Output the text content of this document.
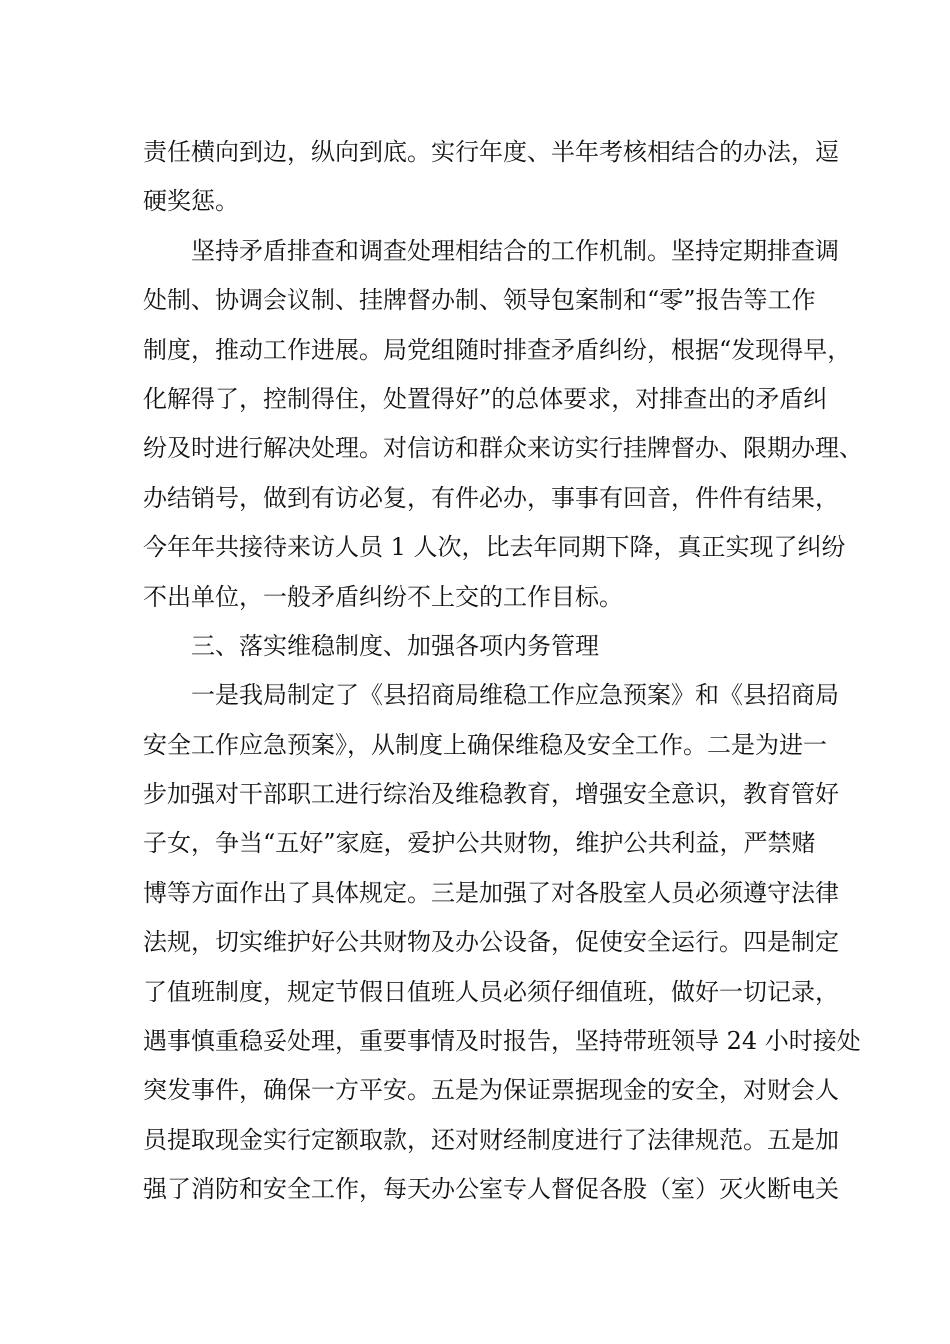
责任横向到边，纵向到底。实行年度、半年考核相结合的办法，逗
硬奖惩。
坚持矛盾排查和调查处理相结合的工作机制。坚持定期排查调
处制、协调会议制、挂牌督办制、领导包案制和“零”报告等工作
制度，推动工作进展。局党组随时排查矛盾纠纷，根据“发现得早，
化解得了，控制得住，处置得好”的总体要求，对排查出的矛盾纠
纷及时进行解决处理。对信访和群众来访实行挂牌督办、限期办理、
办结销号，做到有访必复，有件必办，事事有回音，件件有结果，
今年年共接待来访人员 1 人次，比去年同期下降，真正实现了纠纷
不出单位，一般矛盾纠纷不上交的工作目标。
三、落实维稳制度、加强各项内务管理
一是我局制定了《县招商局维稳工作应急预案》和《县招商局
安全工作应急预案》，从制度上确保维稳及安全工作。二是为进一
步加强对干部职工进行综治及维稳教育，增强安全意识，教育管好
子女，争当“五好”家庭，爱护公共财物，维护公共利益，严禁赌
博等方面作出了具体规定。三是加强了对各股室人员必须遵守法律
法规，切实维护好公共财物及办公设备，促使安全运行。四是制定
了值班制度，规定节假日值班人员必须仔细值班，做好一切记录，
遇事慎重稳妥处理，重要事情及时报告，坚持带班领导 24 小时接处
突发事件，确保一方平安。五是为保证票据现金的安全，对财会人
员提取现金实行定额取款，还对财经制度进行了法律规范。五是加
强了消防和安全工作，每天办公室专人督促各股（室）灭火断电关
